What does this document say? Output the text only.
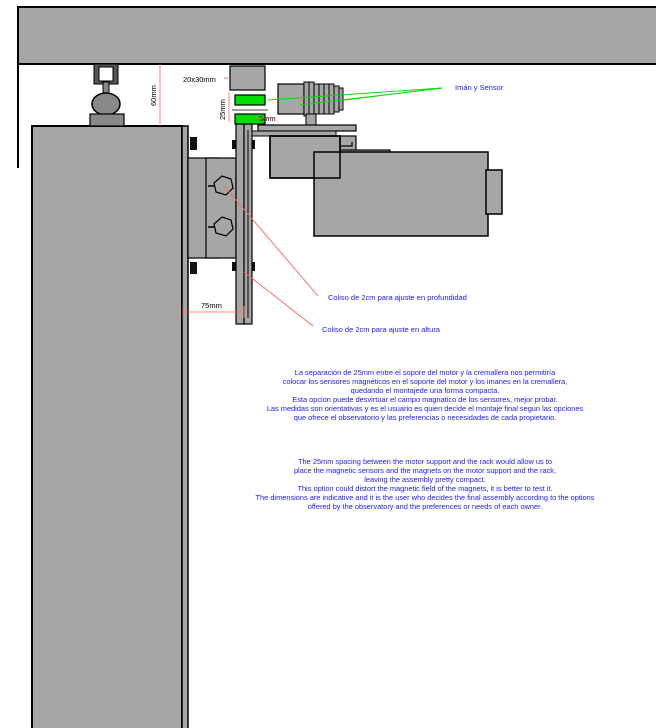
60mm
20x30mm
25mm	5mm
Imán y Sensor
Coliso de 2cm para ajuste en profundidad
Coliso de 2cm para ajuste en altura
75mm
La separación de 25mm entre el sopore del motor y la cremallera nos permitiría
colocar los sensores magnéticos en el soporte del motor y los imanes en la cremallera,
quedando el montajede una forma compacta.
Esta opcion puede desvirtuar el campo magnatico de los sensores, mejor probar.
Las medidas son orientativas y es el usuario es quien decide el montaje final segun las opciones
que ofrece el observatorio y las preferencias o necesidades de cada propietario.
The 25mm spacing between the motor support and the rack would allow us to
place the magnetic sensors and the magnets on the motor support and the rack,
leaving the assembly pretty compact.
This option could distort the magnetic field of the magnets, it is better to test it.
The dimensions are indicative and it is the user who decides the final assembly according to the options
offered by the observatory and the preferences or needs of each owner.
